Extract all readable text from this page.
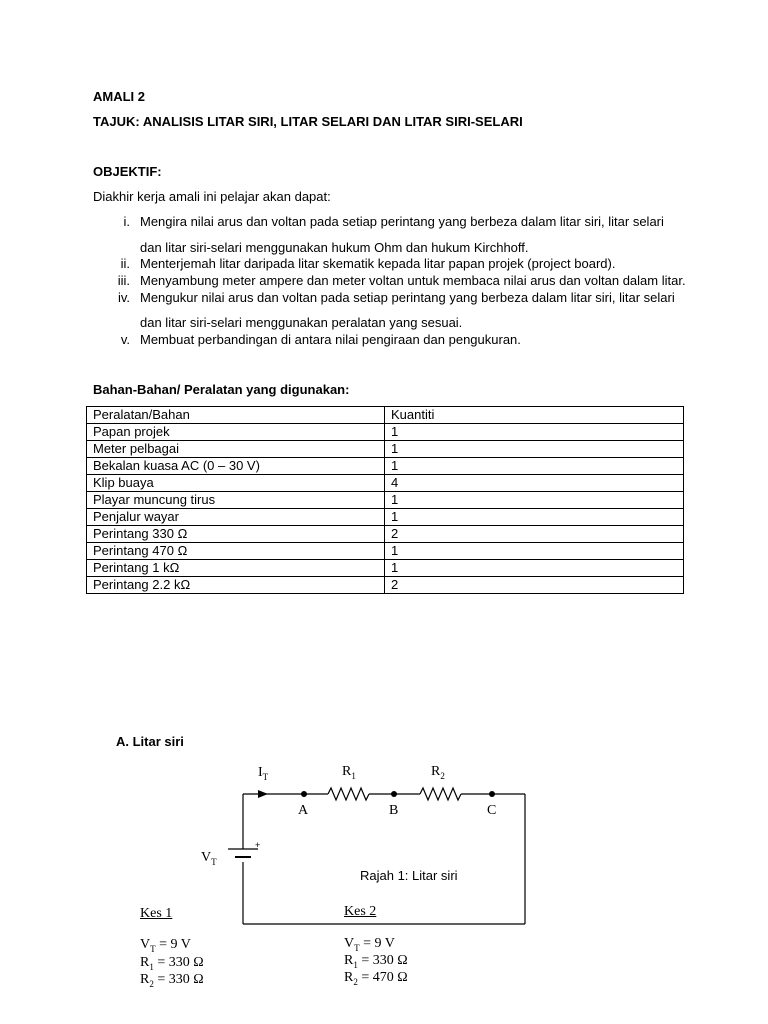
AMALI 2
TAJUK: ANALISIS LITAR SIRI, LITAR SELARI DAN LITAR SIRI-SELARI
OBJEKTIF:
Diakhir kerja amali ini pelajar akan dapat:
i. Mengira nilai arus dan voltan pada setiap perintang yang berbeza dalam litar siri, litar selari
dan litar siri-selari menggunakan hukum Ohm dan hukum Kirchhoff.
ii. Menterjemah litar daripada litar skematik kepada litar papan projek (project board).
iii. Menyambung meter ampere dan meter voltan untuk membaca nilai arus dan voltan dalam litar.
iv. Mengukur nilai arus dan voltan pada setiap perintang yang berbeza dalam litar siri, litar selari
dan litar siri-selari menggunakan peralatan yang sesuai.
v. Membuat perbandingan di antara nilai pengiraan dan pengukuran.
Bahan-Bahan/ Peralatan yang digunakan:
Peralatan/Bahan	Kuantiti
Papan projek	1
Meter pelbagai	1
Bekalan kuasa AC (0 – 30 V)	1
Klip buaya	4
Playar muncung tirus	1
Penjalur wayar	1
Perintang 330 Ω	2
Perintang 470 Ω	1
Perintang 1 kΩ	1
Perintang 2.2 kΩ	2
A. Litar siri
$I_T$	$R_1$	$R_2$
A	B	C
$V_T$
+
Rajah 1: Litar siri
Kes 1
$V_T = 9$ V
$R_1 = 330$ Ω
$R_2 = 330$ Ω
Kes 2
$V_T = 9$ V
$R_1 = 330$ Ω
$R_2 = 470$ Ω
